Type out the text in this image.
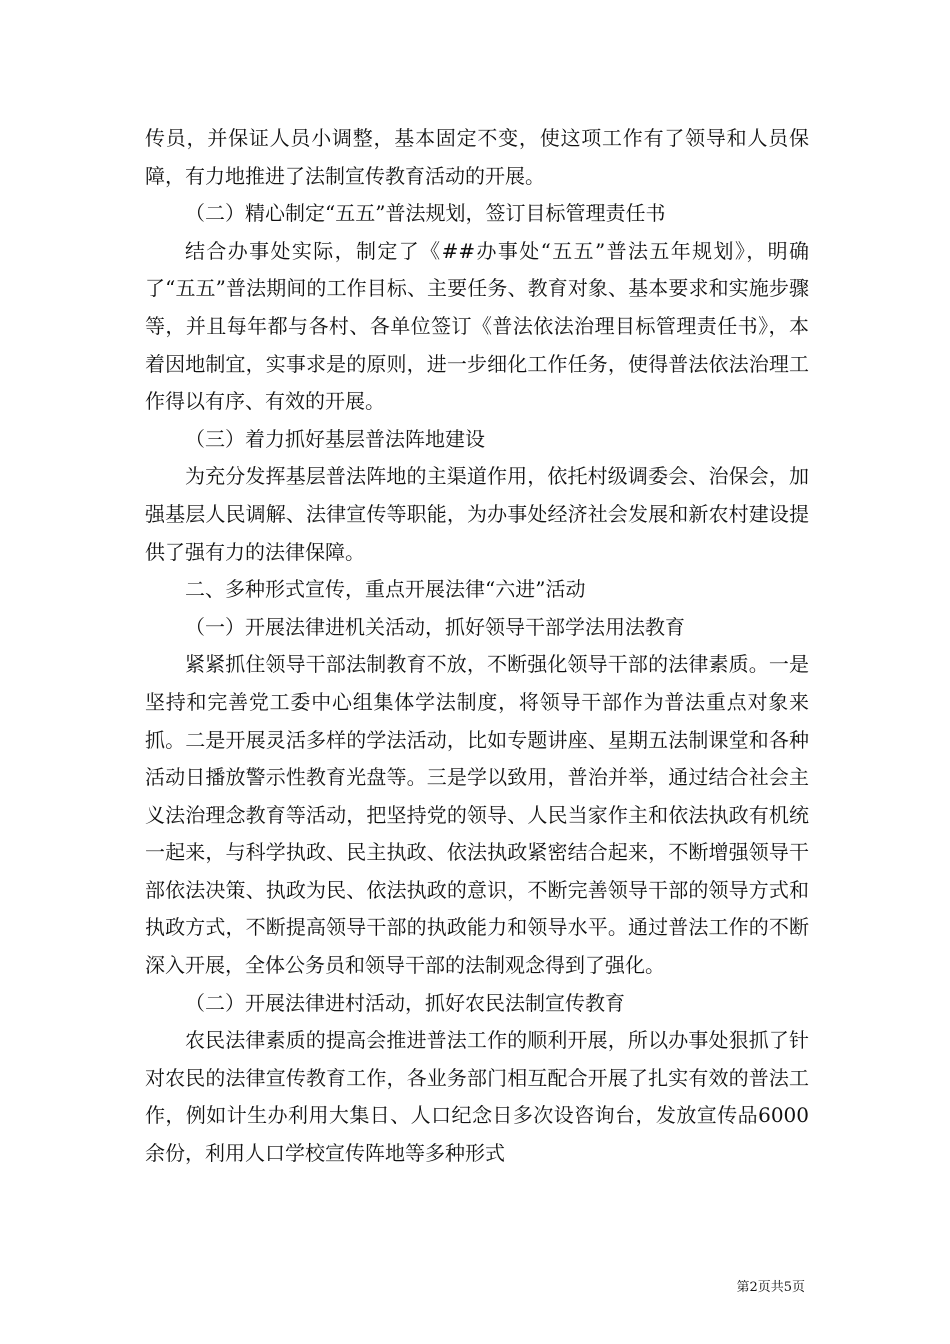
传员，并保证人员小调整，基本固定不变，使这项工作有了领导和人员保障，有力地推进了法制宣传教育活动的开展。

（二）精心制定“五五”普法规划，签订目标管理责任书

结合办事处实际，制定了《##办事处“五五”普法五年规划》，明确了“五五”普法期间的工作目标、主要任务、教育对象、基本要求和实施步骤等，并且每年都与各村、各单位签订《普法依法治理目标管理责任书》，本着因地制宜，实事求是的原则，进一步细化工作任务，使得普法依法治理工作得以有序、有效的开展。

（三）着力抓好基层普法阵地建设

为充分发挥基层普法阵地的主渠道作用，依托村级调委会、治保会，加强基层人民调解、法律宣传等职能，为办事处经济社会发展和新农村建设提供了强有力的法律保障。

二、多种形式宣传，重点开展法律“六进”活动

（一）开展法律进机关活动，抓好领导干部学法用法教育

紧紧抓住领导干部法制教育不放，不断强化领导干部的法律素质。一是坚持和完善党工委中心组集体学法制度，将领导干部作为普法重点对象来抓。二是开展灵活多样的学法活动，比如专题讲座、星期五法制课堂和各种活动日播放警示性教育光盘等。三是学以致用，普治并举，通过结合社会主义法治理念教育等活动，把坚持党的领导、人民当家作主和依法执政有机统一起来，与科学执政、民主执政、依法执政紧密结合起来，不断增强领导干部依法决策、执政为民、依法执政的意识，不断完善领导干部的领导方式和执政方式，不断提高领导干部的执政能力和领导水平。通过普法工作的不断深入开展，全体公务员和领导干部的法制观念得到了强化。

（二）开展法律进村活动，抓好农民法制宣传教育

农民法律素质的提高会推进普法工作的顺利开展，所以办事处狠抓了针对农民的法律宣传教育工作，各业务部门相互配合开展了扎实有效的普法工作，例如计生办利用大集日、人口纪念日多次设咨询台，发放宣传品6000余份，利用人口学校宣传阵地等多种形式

第2页共5页
